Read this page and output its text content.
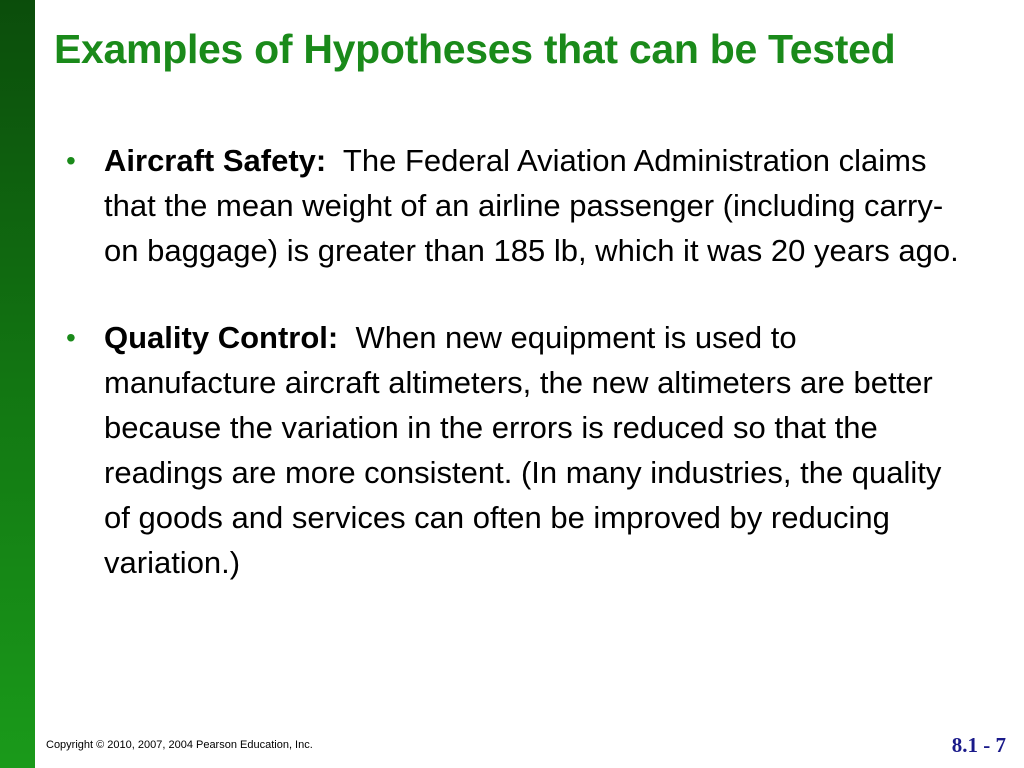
Examples of Hypotheses that can be Tested
• Aircraft Safety: The Federal Aviation Administration claims that the mean weight of an airline passenger (including carry-on baggage) is greater than 185 lb, which it was 20 years ago.
• Quality Control: When new equipment is used to manufacture aircraft altimeters, the new altimeters are better because the variation in the errors is reduced so that the readings are more consistent. (In many industries, the quality of goods and services can often be improved by reducing variation.)
Copyright © 2010, 2007, 2004 Pearson Education, Inc.	8.1 - 7
